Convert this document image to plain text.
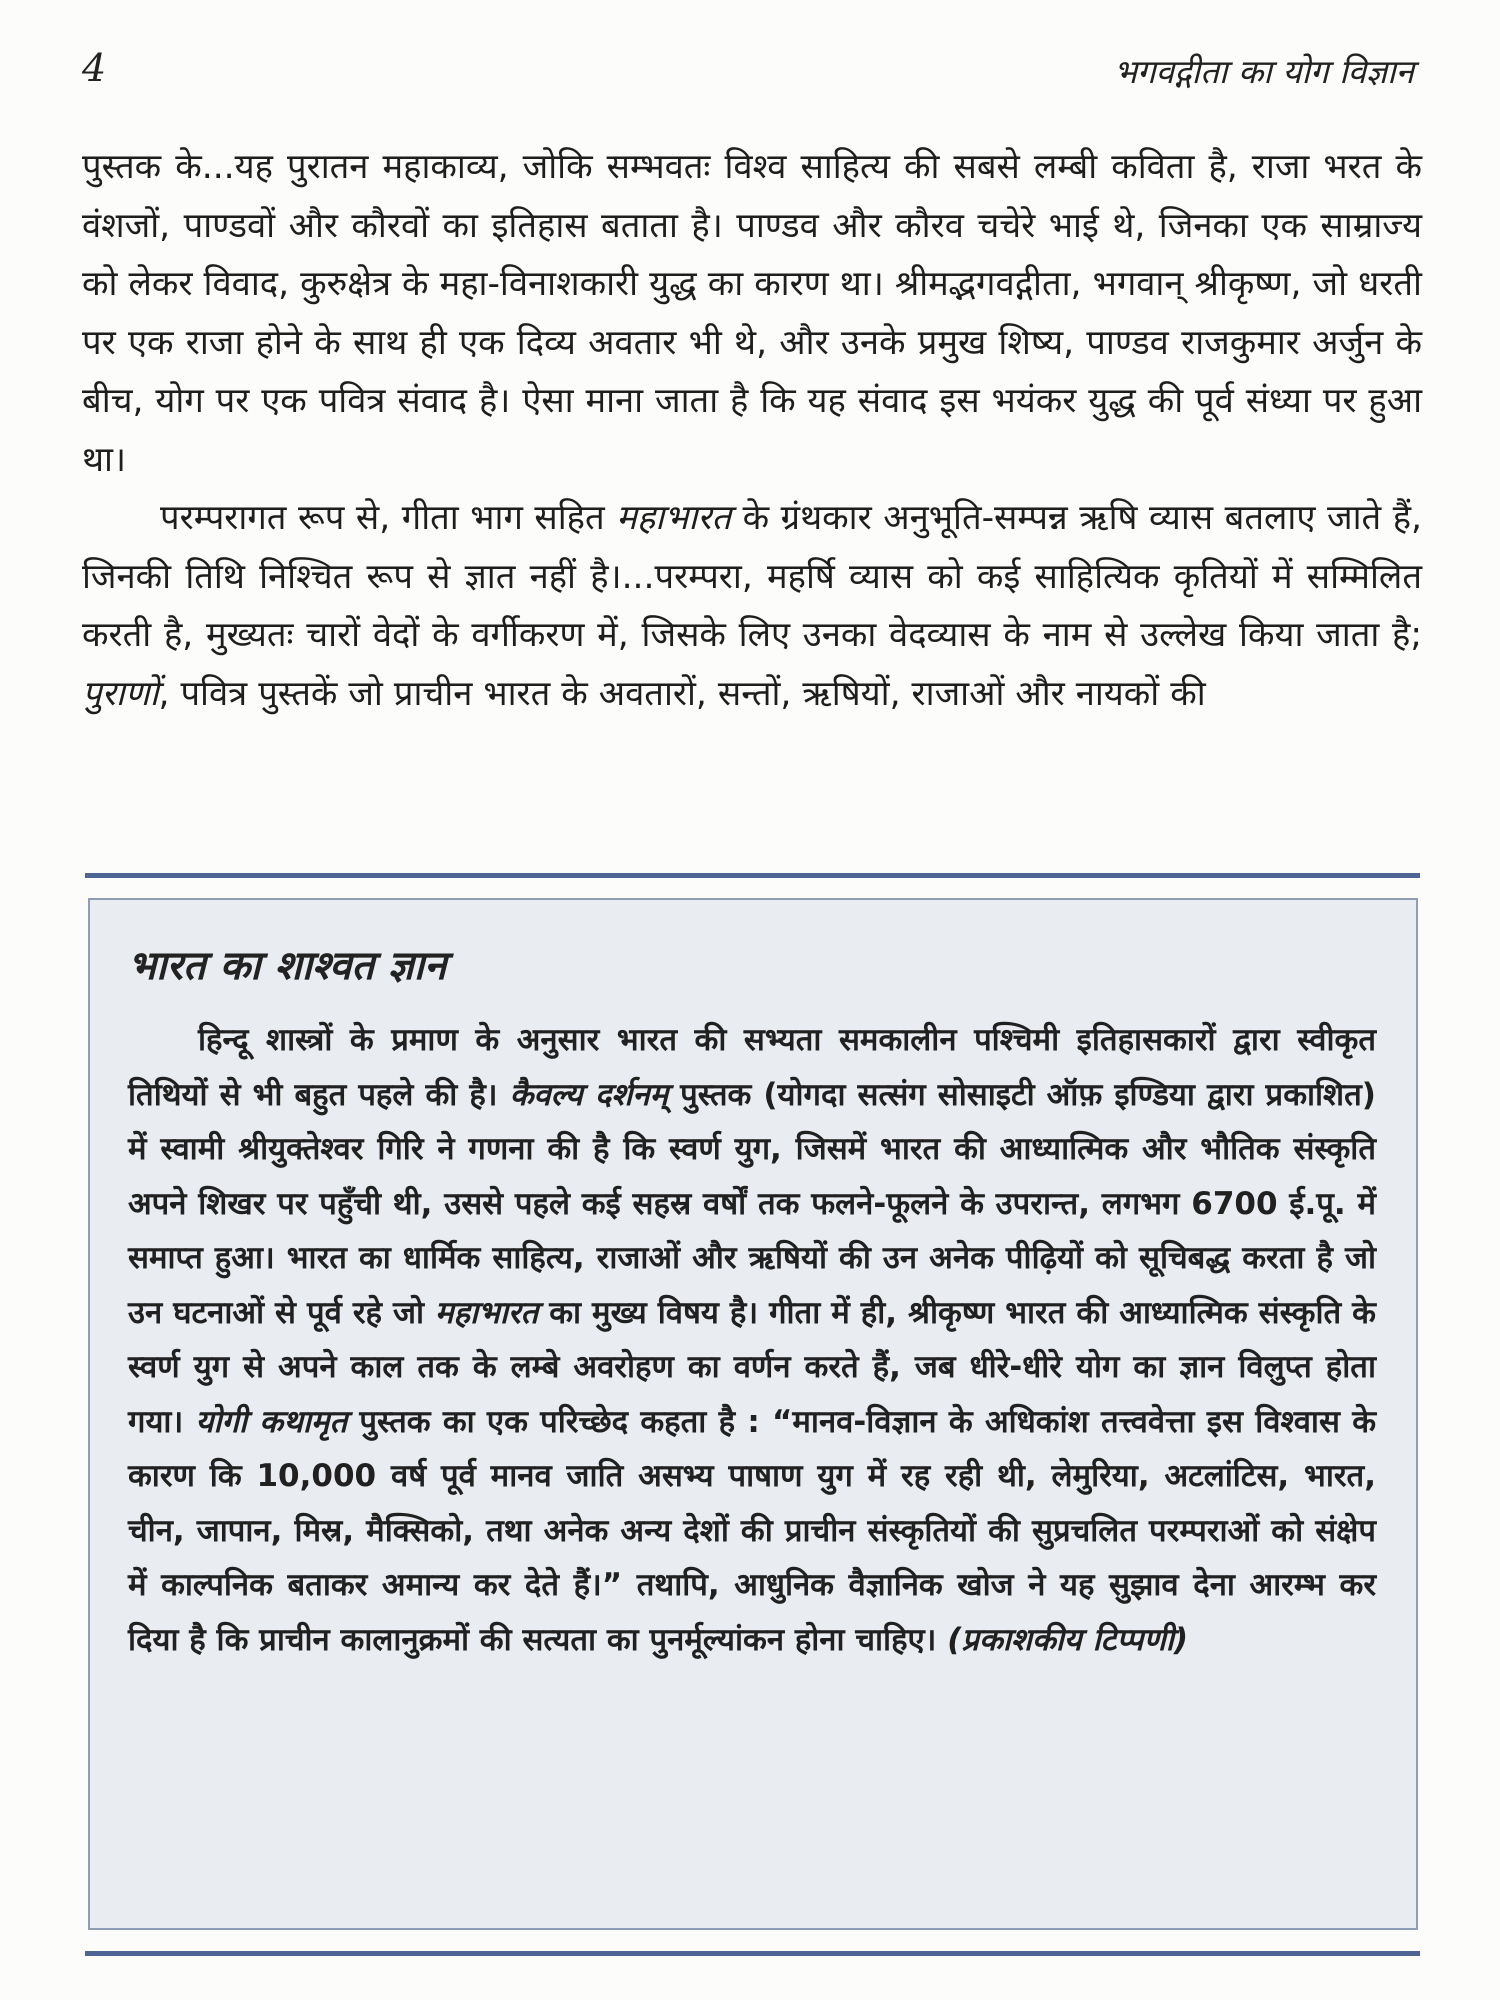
4	भगवद्गीता का योग विज्ञान

पुस्तक के...यह पुरातन महाकाव्य, जोकि सम्भवतः विश्व साहित्य की सबसे लम्बी कविता है, राजा भरत के वंशजों, पाण्डवों और कौरवों का इतिहास बताता है। पाण्डव और कौरव चचेरे भाई थे, जिनका एक साम्राज्य को लेकर विवाद, कुरुक्षेत्र के महा-विनाशकारी युद्ध का कारण था। श्रीमद्भगवद्गीता, भगवान् श्रीकृष्ण, जो धरती पर एक राजा होने के साथ ही एक दिव्य अवतार भी थे, और उनके प्रमुख शिष्य, पाण्डव राजकुमार अर्जुन के बीच, योग पर एक पवित्र संवाद है। ऐसा माना जाता है कि यह संवाद इस भयंकर युद्ध की पूर्व संध्या पर हुआ था।

परम्परागत रूप से, गीता भाग सहित महाभारत के ग्रंथकार अनुभूति-सम्पन्न ऋषि व्यास बतलाए जाते हैं, जिनकी तिथि निश्चित रूप से ज्ञात नहीं है।...परम्परा, महर्षि व्यास को कई साहित्यिक कृतियों में सम्मिलित करती है, मुख्यतः चारों वेदों के वर्गीकरण में, जिसके लिए उनका वेदव्यास के नाम से उल्लेख किया जाता है; पुराणों, पवित्र पुस्तकें जो प्राचीन भारत के अवतारों, सन्तों, ऋषियों, राजाओं और नायकों की

भारत का शाश्वत ज्ञान

हिन्दू शास्त्रों के प्रमाण के अनुसार भारत की सभ्यता समकालीन पश्चिमी इतिहासकारों द्वारा स्वीकृत तिथियों से भी बहुत पहले की है। कैवल्य दर्शनम् पुस्तक (योगदा सत्संग सोसाइटी ऑफ़ इण्डिया द्वारा प्रकाशित) में स्वामी श्रीयुक्तेश्वर गिरि ने गणना की है कि स्वर्ण युग, जिसमें भारत की आध्यात्मिक और भौतिक संस्कृति अपने शिखर पर पहुँची थी, उससे पहले कई सहस्र वर्षों तक फलने-फूलने के उपरान्त, लगभग 6700 ई.पू. में समाप्त हुआ। भारत का धार्मिक साहित्य, राजाओं और ऋषियों की उन अनेक पीढ़ियों को सूचिबद्ध करता है जो उन घटनाओं से पूर्व रहे जो महाभारत का मुख्य विषय है। गीता में ही, श्रीकृष्ण भारत की आध्यात्मिक संस्कृति के स्वर्ण युग से अपने काल तक के लम्बे अवरोहण का वर्णन करते हैं, जब धीरे-धीरे योग का ज्ञान विलुप्त होता गया। योगी कथामृत पुस्तक का एक परिच्छेद कहता है : “मानव-विज्ञान के अधिकांश तत्त्ववेत्ता इस विश्वास के कारण कि 10,000 वर्ष पूर्व मानव जाति असभ्य पाषाण युग में रह रही थी, लेमुरिया, अटलांटिस, भारत, चीन, जापान, मिस्र, मैक्सिको, तथा अनेक अन्य देशों की प्राचीन संस्कृतियों की सुप्रचलित परम्पराओं को संक्षेप में काल्पनिक बताकर अमान्य कर देते हैं।” तथापि, आधुनिक वैज्ञानिक खोज ने यह सुझाव देना आरम्भ कर दिया है कि प्राचीन कालानुक्रमों की सत्यता का पुनर्मूल्यांकन होना चाहिए। (प्रकाशकीय टिप्पणी)
